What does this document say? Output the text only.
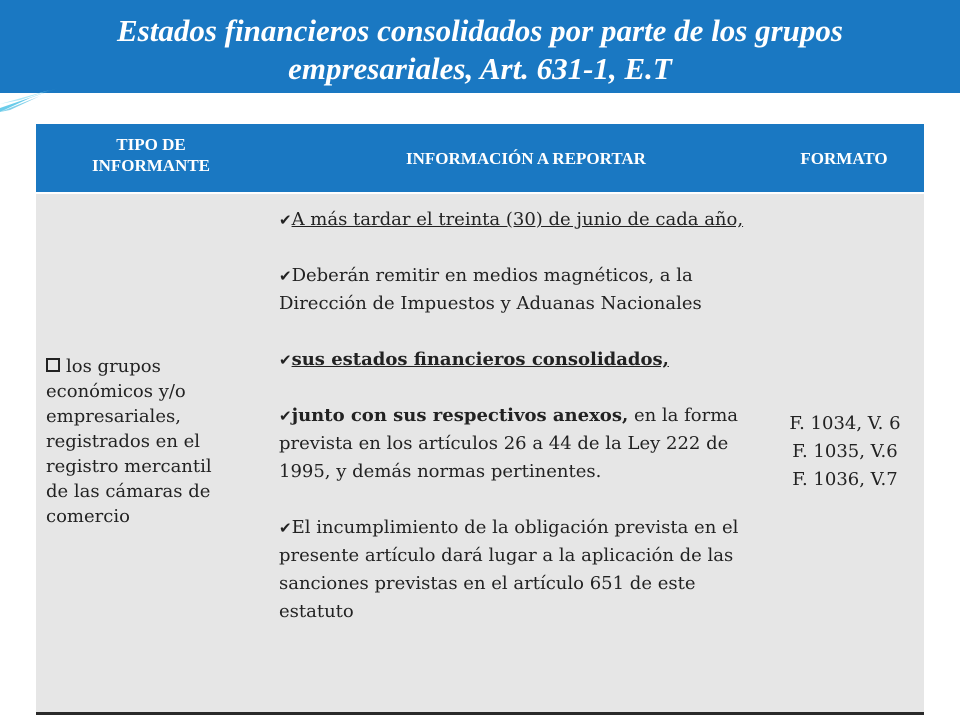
Estados financieros consolidados por parte de los grupos
empresariales, Art. 631-1, E.T
TIPO DE
INFORMANTE	INFORMACIÓN A REPORTAR	FORMATO
los grupos
económicos y/o
empresariales,
registrados en el
registro mercantil
de las cámaras de
comercio
✔A más tardar el treinta (30) de junio de cada año,
✔Deberán remitir en medios magnéticos, a la Dirección de Impuestos y Aduanas Nacionales
✔sus estados financieros consolidados,
✔junto con sus respectivos anexos, en la forma prevista en los artículos 26 a 44 de la Ley 222 de 1995, y demás normas pertinentes.
✔El incumplimiento de la obligación prevista en el presente artículo dará lugar a la aplicación de las sanciones previstas en el artículo 651 de este estatuto
F. 1034, V. 6
F. 1035, V.6
F. 1036, V.7
